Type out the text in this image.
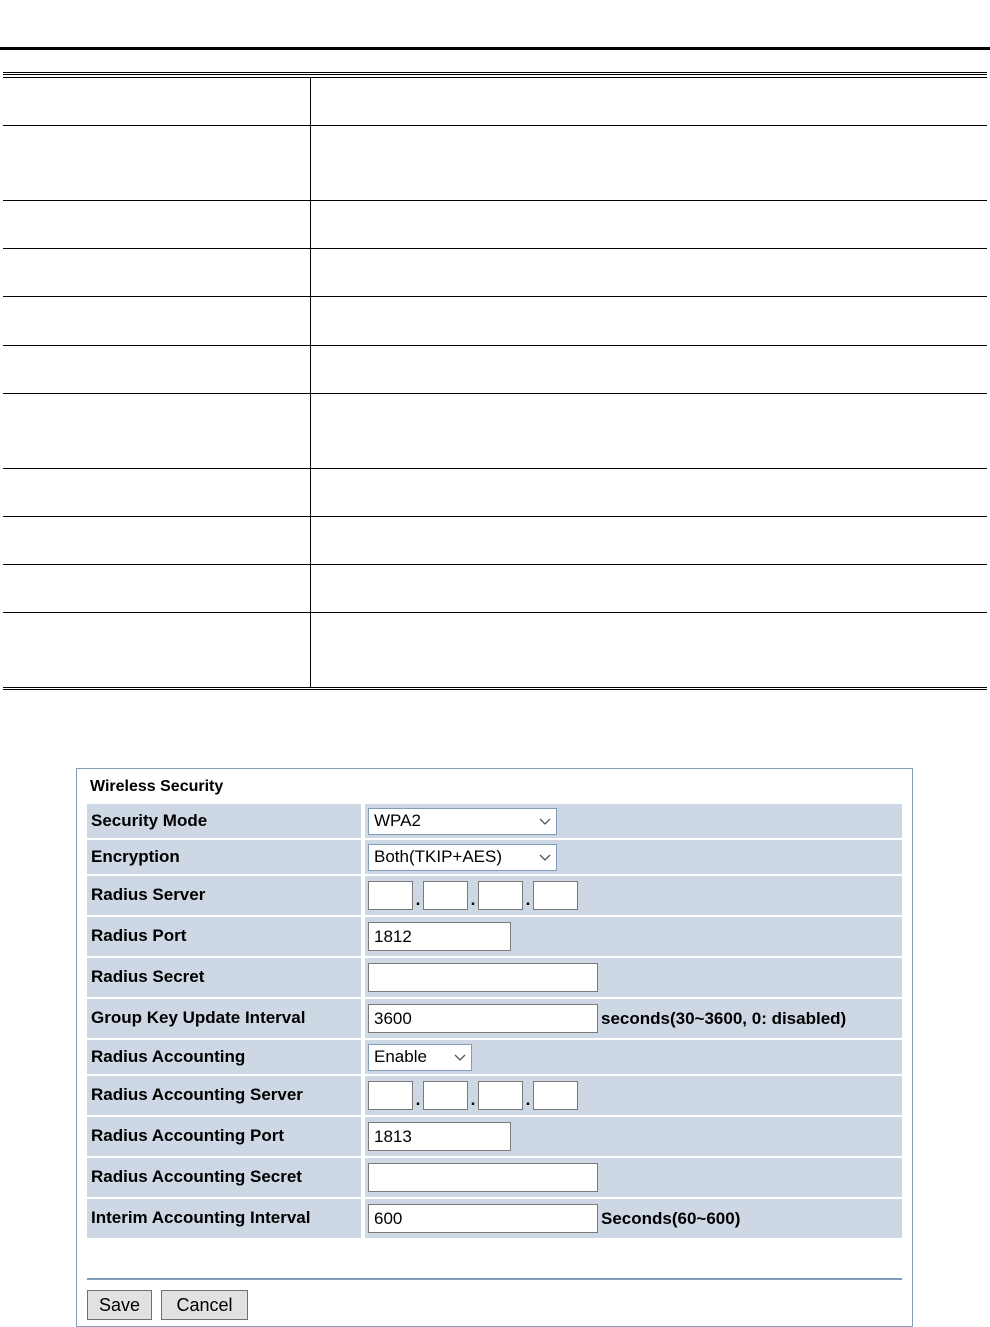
Wireless Security
Security Mode	WPA2
Encryption	Both(TKIP+AES)
Radius Server	.	.	.
Radius Port	1812
Radius Secret
Group Key Update Interval	3600	seconds(30~3600, 0: disabled)
Radius Accounting	Enable
Radius Accounting Server	.	.	.
Radius Accounting Port	1813
Radius Accounting Secret
Interim Accounting Interval	600	Seconds(60~600)
Save	Cancel
